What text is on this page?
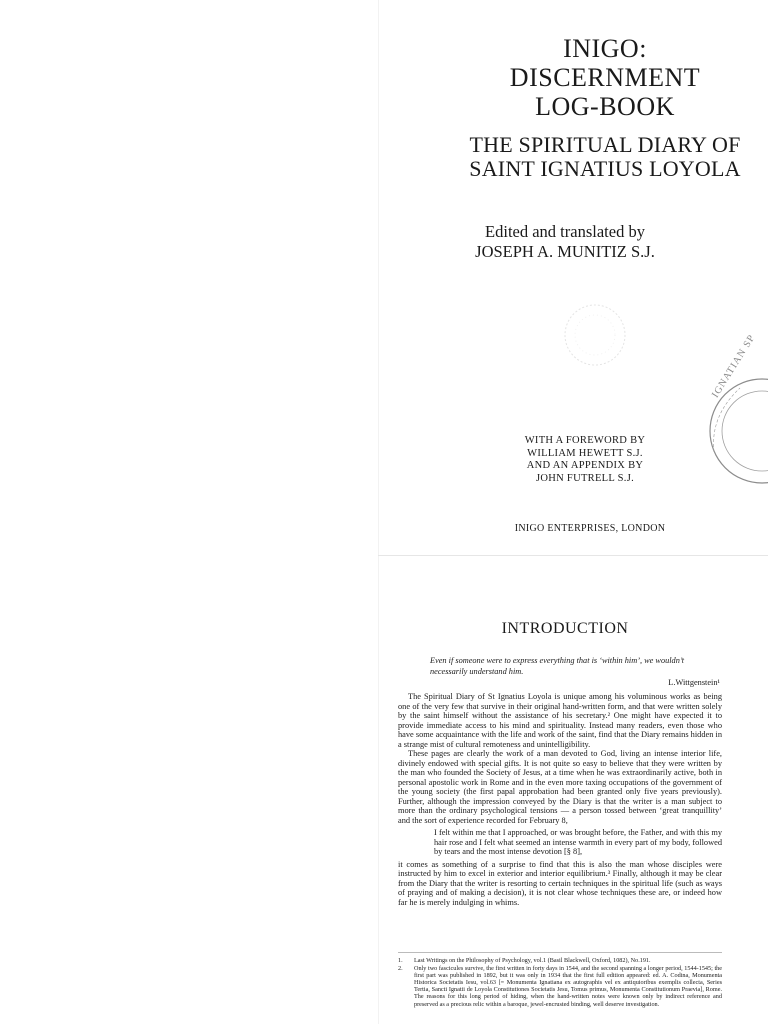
INIGO:

DISCERNMENT

LOG-BOOK

THE SPIRITUAL DIARY OF

SAINT IGNATIUS LOYOLA

Edited and translated by

JOSEPH A. MUNITIZ S.J.

IGNATIAN SP

WITH A FOREWORD BY

WILLIAM HEWETT S.J.

AND AN APPENDIX BY

JOHN FUTRELL S.J.

INIGO ENTERPRISES, LONDON

INTRODUCTION
Even if someone were to express everything that is ‘within him’, we wouldn’t necessarily understand him.
L.Wittgenstein¹

The Spiritual Diary of St Ignatius Loyola is unique among his voluminous works as being one of the very few that survive in their original hand-written form, and that were written solely by the saint himself without the assistance of his secretary.² One might have expected it to provide immediate access to his mind and spirituality. Instead many readers, even those who have some acquaintance with the life and work of the saint, find that the Diary remains hidden in a strange mist of cultural remoteness and unintelligibility.

These pages are clearly the work of a man devoted to God, living an intense interior life, divinely endowed with special gifts. It is not quite so easy to believe that they were written by the man who founded the Society of Jesus, at a time when he was extraordinarily active, both in personal apostolic work in Rome and in the even more taxing occupations of the government of the young society (the first papal approbation had been granted only five years previously). Further, although the impression conveyed by the Diary is that the writer is a man subject to more than the ordinary psychological tensions — a person tossed between ‘great tranquillity’ and the sort of experience recorded for February 8,

I felt within me that I approached, or was brought before, the Father, and with this my hair rose and I felt what seemed an intense warmth in every part of my body, followed by tears and the most intense devotion [§ 8],

it comes as something of a surprise to find that this is also the man whose disciples were instructed by him to excel in exterior and interior equilibrium.³ Finally, although it may be clear from the Diary that the writer is resorting to certain techniques in the spiritual life (such as ways of praying and of making a decision), it is not clear whose techniques these are, or indeed how far he is merely indulging in whims.

1. Last Writings on the Philosophy of Psychology, vol.1 (Basil Blackwell, Oxford, 1082), No.191.

2. Only two fascicules survive, the first written in forty days in 1544, and the second spanning a longer period, 1544-1545; the first part was published in 1892, but it was only in 1934 that the first full edition appeared: ed. A. Codina, Monumenta Historica Societatis Iesu, vol.63 [= Monumenta Ignatiana ex autographis vel ex antiquioribus exemplis collecta, Series Tertia, Sancti Ignatii de Loyola Constitutiones Societatis Jesu, Tomus primus, Monumenta Constitutionum Praevia], Rome. The reasons for this long period of hiding, when the hand-written notes were known only by indirect reference and preserved as a precious relic within a baroque, jewel-encrusted binding, well deserve investigation.
